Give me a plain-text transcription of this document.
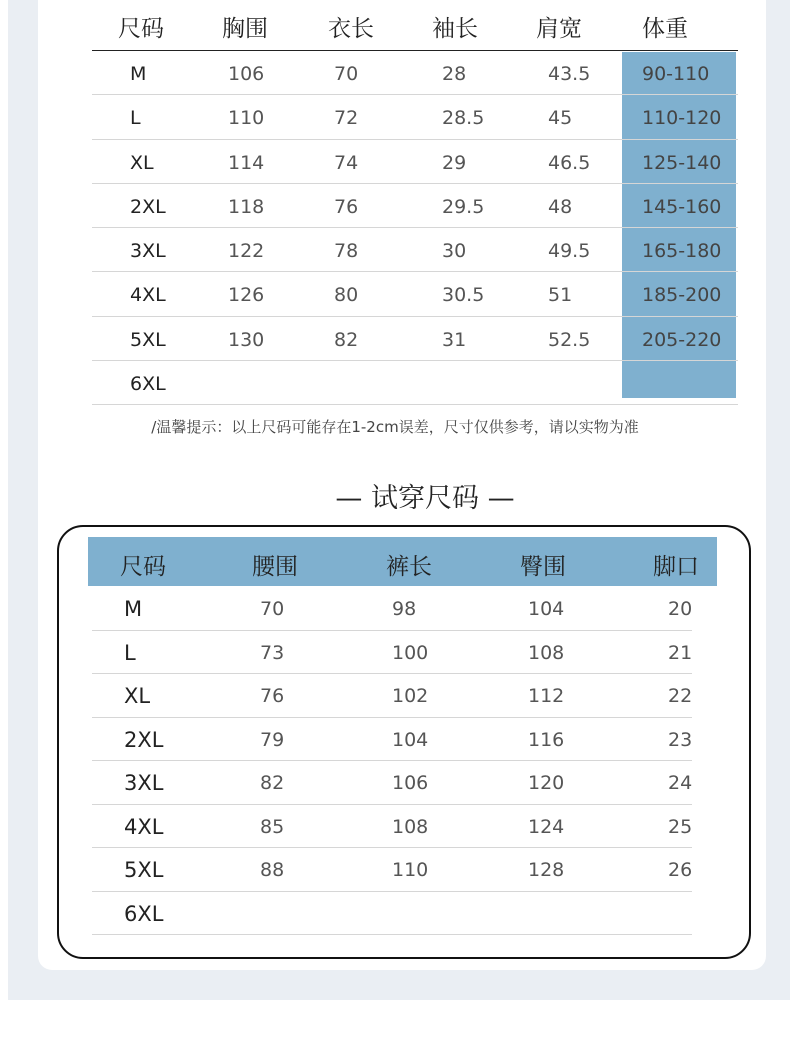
尺码	胸围	衣长	袖长	肩宽	体重
M	106	70	28	43.5	90-110
L	110	72	28.5	45	110-120
XL	114	74	29	46.5	125-140
2XL	118	76	29.5	48	145-160
3XL	122	78	30	49.5	165-180
4XL	126	80	30.5	51	185-200
5XL	130	82	31	52.5	205-220
6XL
/温馨提示：以上尺码可能存在1-2cm误差，尺寸仅供参考，请以实物为准
— 试穿尺码 —
尺码	腰围	裤长	臀围	脚口
M	70	98	104	20
L	73	100	108	21
XL	76	102	112	22
2XL	79	104	116	23
3XL	82	106	120	24
4XL	85	108	124	25
5XL	88	110	128	26
6XL
